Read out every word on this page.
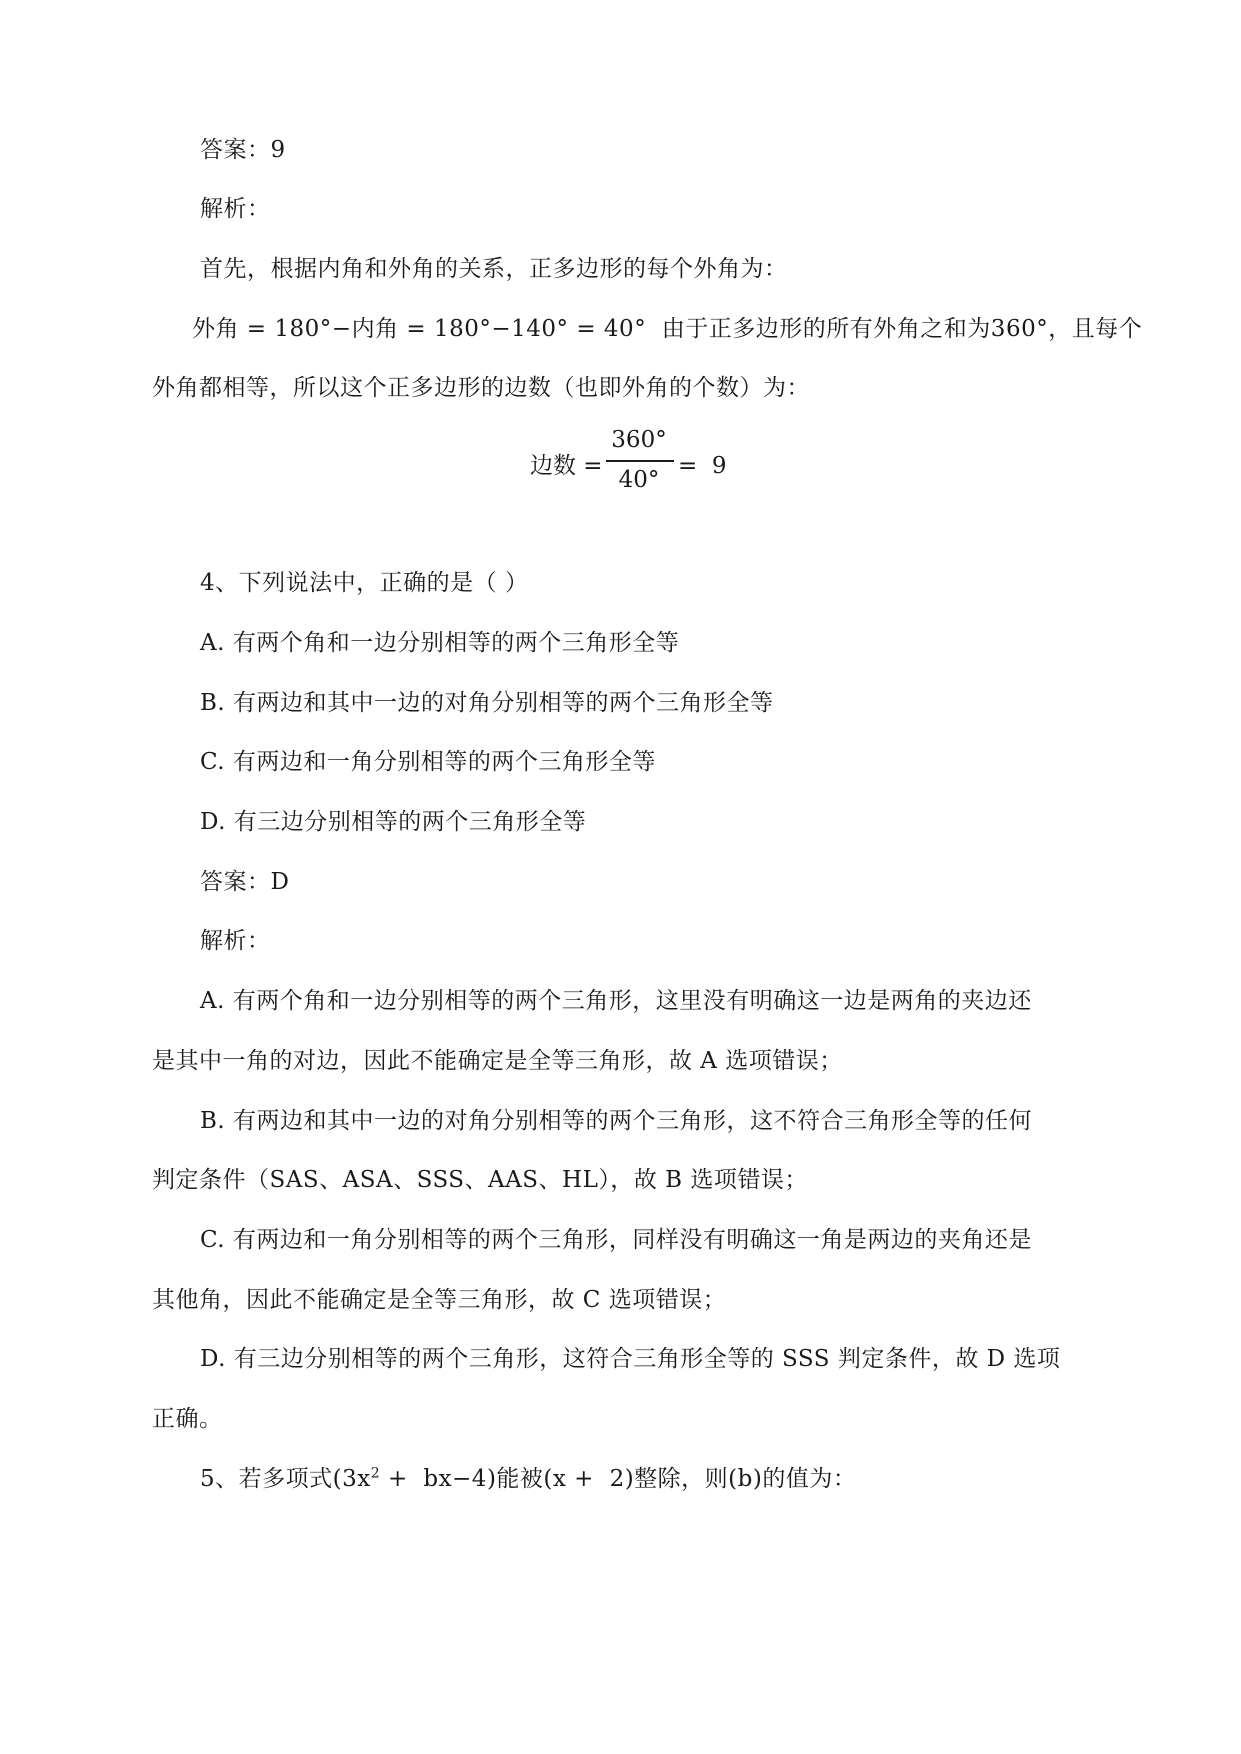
答案：9
解析：
首先，根据内角和外角的关系，正多边形的每个外角为：
外角 = 180°−内角 = 180°−140° = 40°  由于正多边形的所有外角之和为360°，且每个
外角都相等，所以这个正多边形的边数（也即外角的个数）为：
边数 =
360°
40°
=  9
4、下列说法中，正确的是（ ）
A. 有两个角和一边分别相等的两个三角形全等
B. 有两边和其中一边的对角分别相等的两个三角形全等
C. 有两边和一角分别相等的两个三角形全等
D. 有三边分别相等的两个三角形全等
答案：D
解析：
A. 有两个角和一边分别相等的两个三角形，这里没有明确这一边是两角的夹边还
是其中一角的对边，因此不能确定是全等三角形，故 A 选项错误；
B. 有两边和其中一边的对角分别相等的两个三角形，这不符合三角形全等的任何
判定条件（SAS、ASA、SSS、AAS、HL），故 B 选项错误；
C. 有两边和一角分别相等的两个三角形，同样没有明确这一角是两边的夹角还是
其他角，因此不能确定是全等三角形，故 C 选项错误；
D. 有三边分别相等的两个三角形，这符合三角形全等的 SSS 判定条件，故 D 选项
正确。
5、若多项式$(3x^2 + bx-4)$能被(x +  2)整除，则(b)的值为：
